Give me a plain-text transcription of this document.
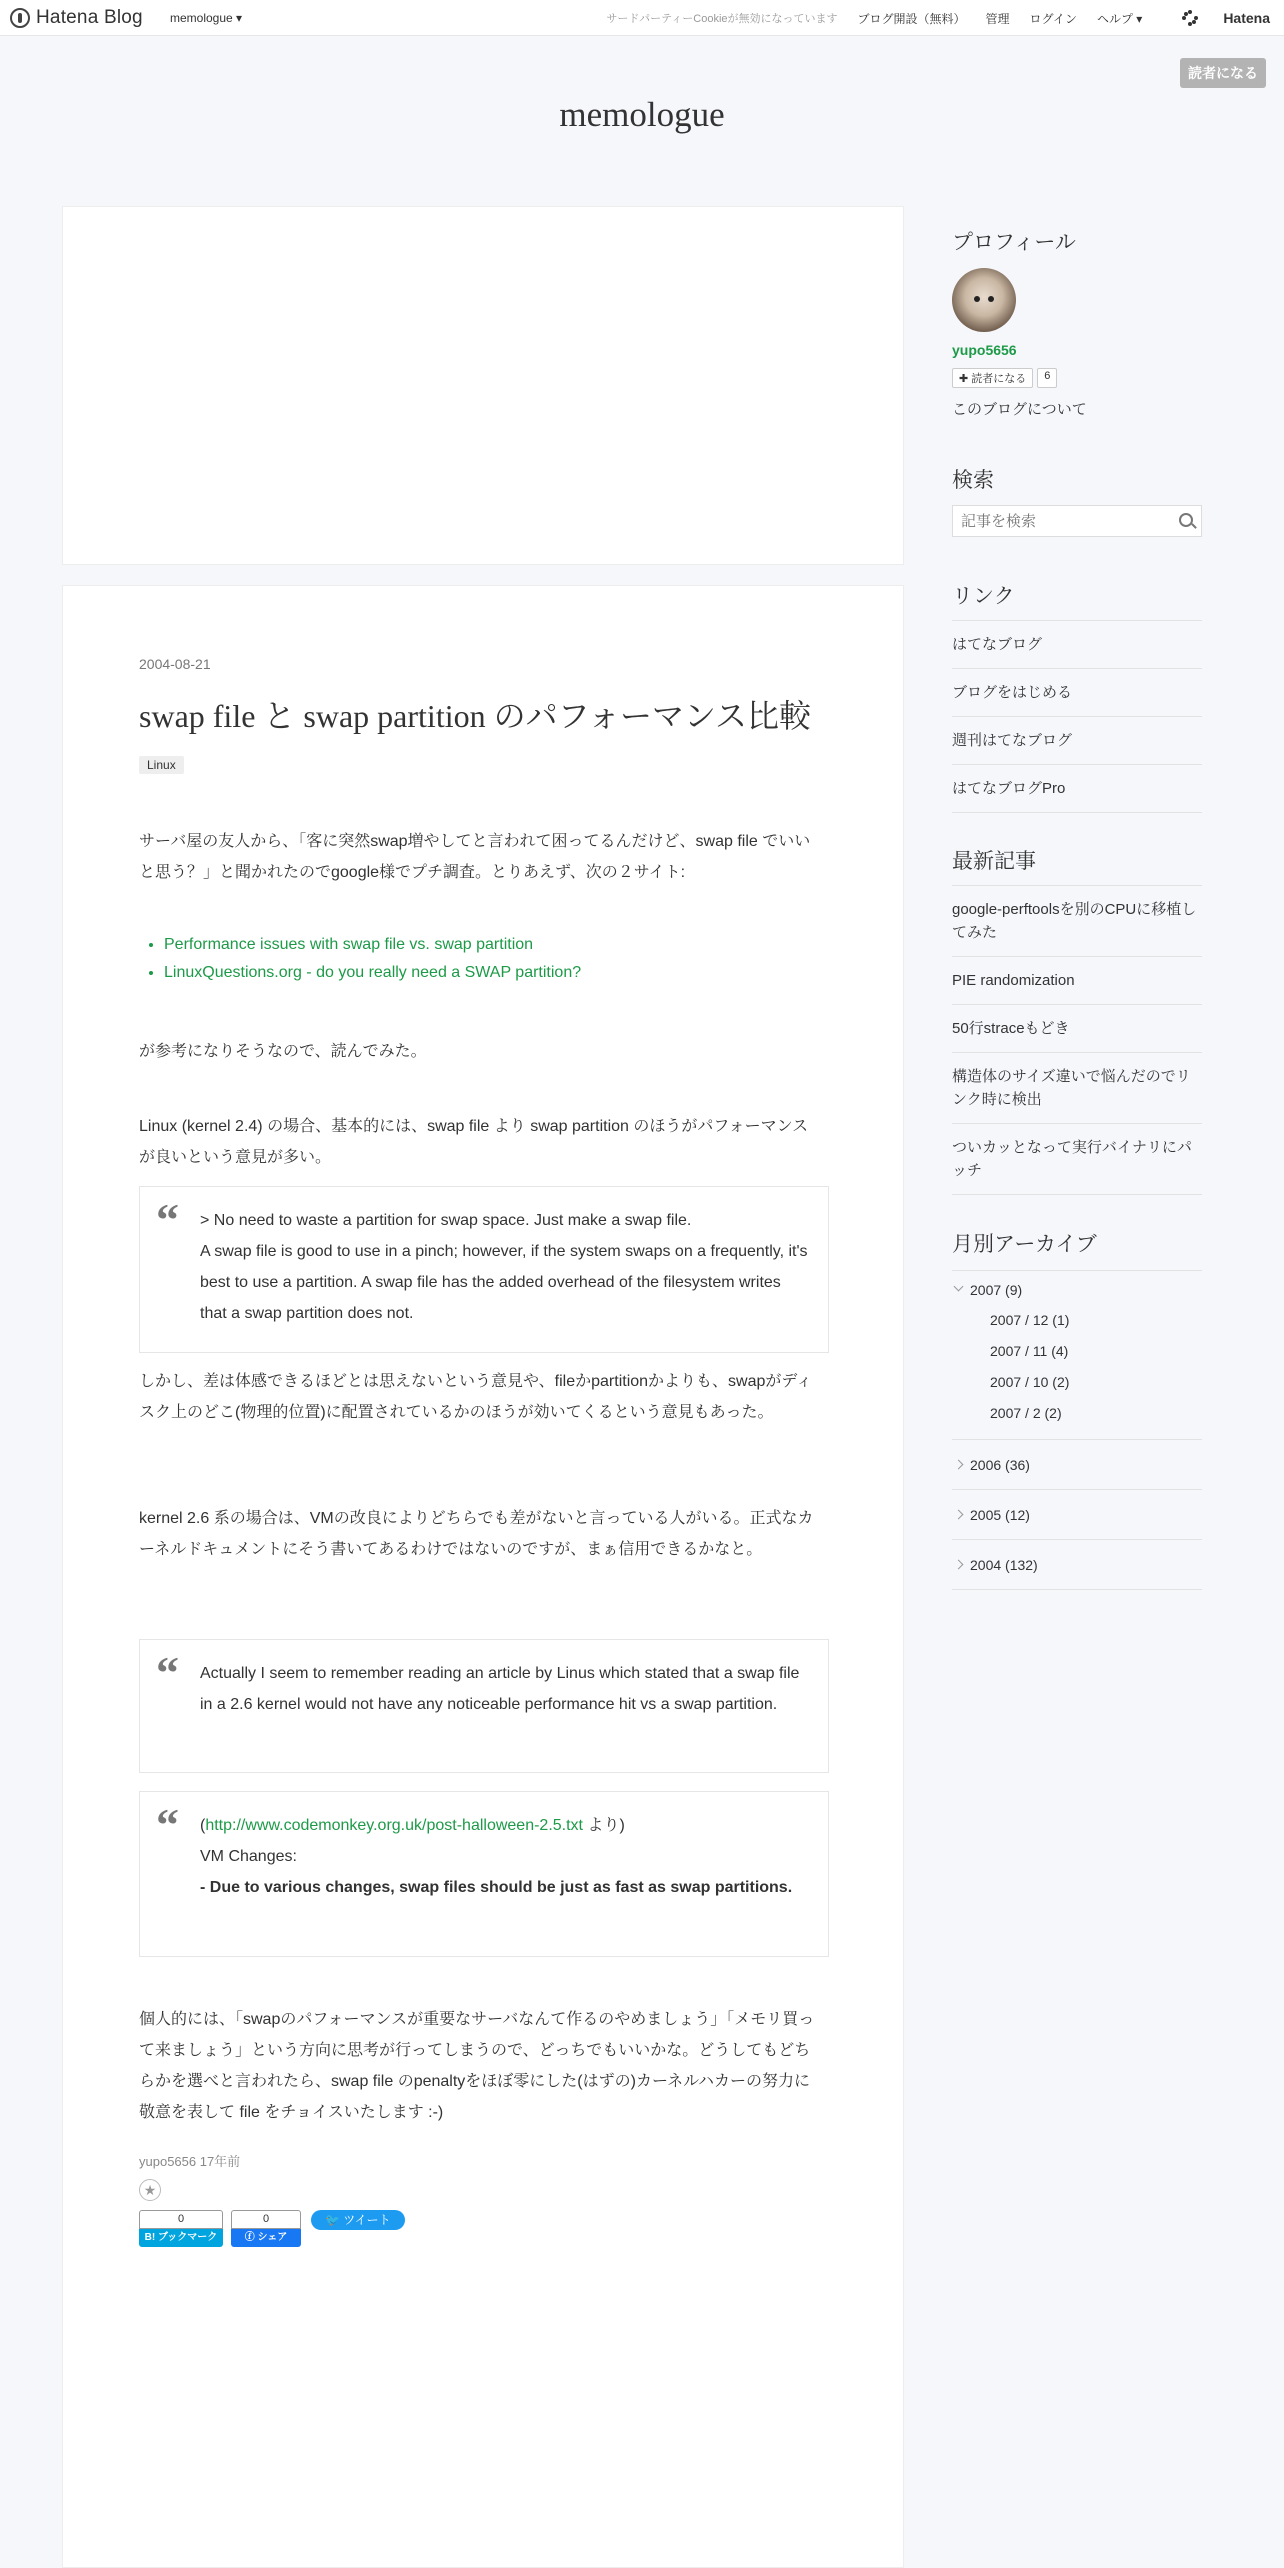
Hatena Blog memologue ▾	サードパーティーCookieが無効になっています ブログ開設（無料） 管理 ログイン ヘルプ ▾	Hatena
読者になる
memologue
2004-08-21
swap file と swap partition のパフォーマンス比較
Linux
サーバ屋の友人から、「客に突然swap増やしてと言われて困ってるんだけど、swap file でいいと思う？」と聞かれたのでgoogle様でプチ調査。とりあえず、次の２サイト:
• Performance issues with swap file vs. swap partition
• LinuxQuestions.org - do you really need a SWAP partition?
が参考になりそうなので、読んでみた。
Linux (kernel 2.4) の場合、基本的には、swap file より swap partition のほうがパフォーマンスが良いという意見が多い。
“ > No need to waste a partition for swap space. Just make a swap file.
A swap file is good to use in a pinch; however, if the system swaps on a frequently, it's best to use a partition. A swap file has the added overhead of the filesystem writes that a swap partition does not.
しかし、差は体感できるほどとは思えないという意見や、fileかpartitionかよりも、swapがディスク上のどこ(物理的位置)に配置されているかのほうが効いてくるという意見もあった。
kernel 2.6 系の場合は、VMの改良によりどちらでも差がないと言っている人がいる。正式なカーネルドキュメントにそう書いてあるわけではないのですが、まぁ信用できるかなと。
“ Actually I seem to remember reading an article by Linus which stated that a swap file in a 2.6 kernel would not have any noticeable performance hit vs a swap partition.
“ (http://www.codemonkey.org.uk/post-halloween-2.5.txt より)
VM Changes:
- Due to various changes, swap files should be just as fast as swap partitions.
個人的には、「swapのパフォーマンスが重要なサーバなんて作るのやめましょう」「メモリ買って来ましょう」という方向に思考が行ってしまうので、どっちでもいいかな。どうしてもどちらかを選べと言われたら、swap file のpenaltyをほぼ零にした(はずの)カーネルハカーの努力に敬意を表して file をチョイスいたします :-)
yupo5656 17年前
★
0
B! ブックマーク
0
ⓕ シェア
🐦 ツイート
プロフィール
yupo5656
✚ 読者になる	6
このブログについて
検索
記事を検索
リンク
はてなブログ
ブログをはじめる
週刊はてなブログ
はてなブログPro
最新記事
google-perftoolsを別のCPUに移植してみた
PIE randomization
50行straceもどき
構造体のサイズ違いで悩んだのでリンク時に検出
ついカッとなって実行バイナリにパッチ
月別アーカイブ
2007 (9)
2007 / 12 (1)
2007 / 11 (4)
2007 / 10 (2)
2007 / 2 (2)
2006 (36)
2005 (12)
2004 (132)
